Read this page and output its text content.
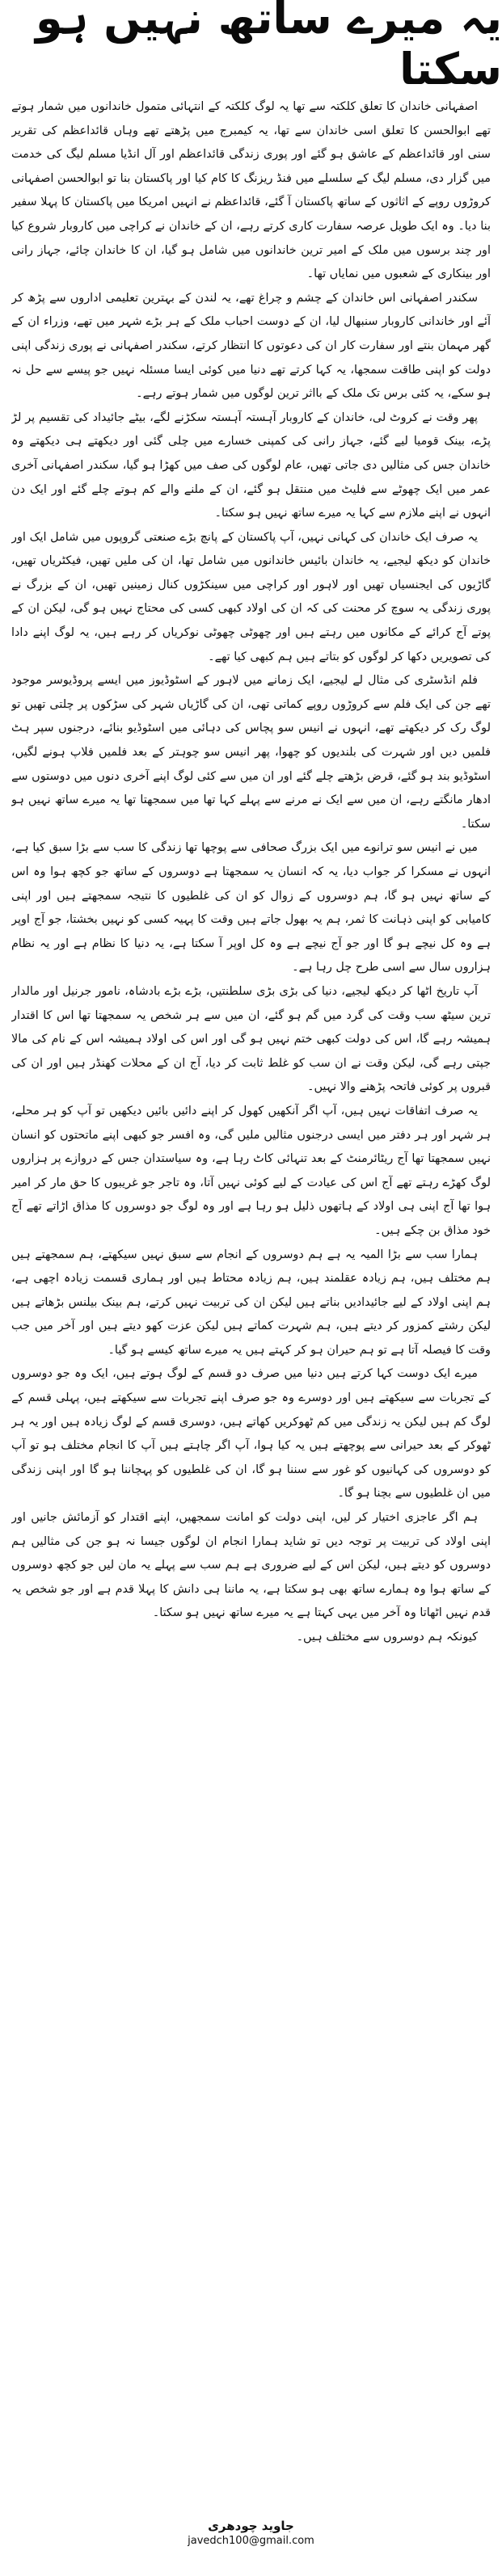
یہ میرے ساتھ نہیں ہو سکتا

اصفہانی خاندان کا تعلق کلکتہ سے تھا یہ لوگ کلکتہ کے انتہائی متمول خاندانوں میں شمار ہوتے تھے ابوالحسن کا تعلق اسی خاندان سے تھا، یہ کیمبرج میں پڑھتے تھے وہاں قائداعظم کی تقریر سنی اور قائداعظم کے عاشق ہو گئے اور پوری زندگی قائداعظم اور آل انڈیا مسلم لیگ کی خدمت میں گزار دی، مسلم لیگ کے سلسلے میں فنڈ ریزنگ کا کام کیا اور پاکستان بنا تو ابوالحسن اصفہانی کروڑوں روپے کے اثاثوں کے ساتھ پاکستان آ گئے، قائداعظم نے انہیں امریکا میں پاکستان کا پہلا سفیر بنا دیا۔ وہ ایک طویل عرصہ سفارت کاری کرتے رہے، ان کے خاندان نے کراچی میں کاروبار شروع کیا اور چند برسوں میں ملک کے امیر ترین خاندانوں میں شامل ہو گیا، ان کا خاندان چائے، جہاز رانی اور بینکاری کے شعبوں میں نمایاں تھا۔

سکندر اصفہانی اس خاندان کے چشم و چراغ تھے، یہ لندن کے بہترین تعلیمی اداروں سے پڑھ کر آئے اور خاندانی کاروبار سنبھال لیا، ان کے دوست احباب ملک کے ہر بڑے شہر میں تھے، وزراء ان کے گھر مہمان بنتے اور سفارت کار ان کی دعوتوں کا انتظار کرتے، سکندر اصفہانی نے پوری زندگی اپنی دولت کو اپنی طاقت سمجھا، یہ کہا کرتے تھے دنیا میں کوئی ایسا مسئلہ نہیں جو پیسے سے حل نہ ہو سکے، یہ کئی برس تک ملک کے بااثر ترین لوگوں میں شمار ہوتے رہے۔

پھر وقت نے کروٹ لی، خاندان کے کاروبار آہستہ آہستہ سکڑنے لگے، بیٹے جائیداد کی تقسیم پر لڑ پڑے، بینک قومیا لیے گئے، جہاز رانی کی کمپنی خسارے میں چلی گئی اور دیکھتے ہی دیکھتے وہ خاندان جس کی مثالیں دی جاتی تھیں، عام لوگوں کی صف میں کھڑا ہو گیا، سکندر اصفہانی آخری عمر میں ایک چھوٹے سے فلیٹ میں منتقل ہو گئے، ان کے ملنے والے کم ہوتے چلے گئے اور ایک دن انہوں نے اپنے ملازم سے کہا یہ میرے ساتھ نہیں ہو سکتا۔

یہ صرف ایک خاندان کی کہانی نہیں، آپ پاکستان کے پانچ بڑے صنعتی گروپوں میں شامل ایک اور خاندان کو دیکھ لیجیے، یہ خاندان بائیس خاندانوں میں شامل تھا، ان کی ملیں تھیں، فیکٹریاں تھیں، گاڑیوں کی ایجنسیاں تھیں اور لاہور اور کراچی میں سینکڑوں کنال زمینیں تھیں، ان کے بزرگ نے پوری زندگی یہ سوچ کر محنت کی کہ ان کی اولاد کبھی کسی کی محتاج نہیں ہو گی، لیکن ان کے پوتے آج کرائے کے مکانوں میں رہتے ہیں اور چھوٹی چھوٹی نوکریاں کر رہے ہیں، یہ لوگ اپنے دادا کی تصویریں دکھا کر لوگوں کو بتاتے ہیں ہم کبھی کیا تھے۔

فلم انڈسٹری کی مثال لے لیجیے، ایک زمانے میں لاہور کے اسٹوڈیوز میں ایسے پروڈیوسر موجود تھے جن کی ایک فلم سے کروڑوں روپے کماتی تھی، ان کی گاڑیاں شہر کی سڑکوں پر چلتی تھیں تو لوگ رک کر دیکھتے تھے، انہوں نے انیس سو پچاس کی دہائی میں اسٹوڈیو بنائے، درجنوں سپر ہٹ فلمیں دیں اور شہرت کی بلندیوں کو چھوا، پھر انیس سو چوہتر کے بعد فلمیں فلاپ ہونے لگیں، اسٹوڈیو بند ہو گئے، قرض بڑھتے چلے گئے اور ان میں سے کئی لوگ اپنے آخری دنوں میں دوستوں سے ادھار مانگتے رہے، ان میں سے ایک نے مرنے سے پہلے کہا تھا میں سمجھتا تھا یہ میرے ساتھ نہیں ہو سکتا۔

میں نے انیس سو ترانوے میں ایک بزرگ صحافی سے پوچھا تھا زندگی کا سب سے بڑا سبق کیا ہے، انہوں نے مسکرا کر جواب دیا، یہ کہ انسان یہ سمجھتا ہے دوسروں کے ساتھ جو کچھ ہوا وہ اس کے ساتھ نہیں ہو گا، ہم دوسروں کے زوال کو ان کی غلطیوں کا نتیجہ سمجھتے ہیں اور اپنی کامیابی کو اپنی ذہانت کا ثمر، ہم یہ بھول جاتے ہیں وقت کا پہیہ کسی کو نہیں بخشتا، جو آج اوپر ہے وہ کل نیچے ہو گا اور جو آج نیچے ہے وہ کل اوپر آ سکتا ہے، یہ دنیا کا نظام ہے اور یہ نظام ہزاروں سال سے اسی طرح چل رہا ہے۔

آپ تاریخ اٹھا کر دیکھ لیجیے، دنیا کی بڑی بڑی سلطنتیں، بڑے بڑے بادشاہ، نامور جرنیل اور مالدار ترین سیٹھ سب وقت کی گرد میں گم ہو گئے، ان میں سے ہر شخص یہ سمجھتا تھا اس کا اقتدار ہمیشہ رہے گا، اس کی دولت کبھی ختم نہیں ہو گی اور اس کی اولاد ہمیشہ اس کے نام کی مالا جپتی رہے گی، لیکن وقت نے ان سب کو غلط ثابت کر دیا، آج ان کے محلات کھنڈر ہیں اور ان کی قبروں پر کوئی فاتحہ پڑھنے والا نہیں۔

یہ صرف اتفاقات نہیں ہیں، آپ اگر آنکھیں کھول کر اپنے دائیں بائیں دیکھیں تو آپ کو ہر محلے، ہر شہر اور ہر دفتر میں ایسی درجنوں مثالیں ملیں گی، وہ افسر جو کبھی اپنے ماتحتوں کو انسان نہیں سمجھتا تھا آج ریٹائرمنٹ کے بعد تنہائی کاٹ رہا ہے، وہ سیاستدان جس کے دروازے پر ہزاروں لوگ کھڑے رہتے تھے آج اس کی عیادت کے لیے کوئی نہیں آتا، وہ تاجر جو غریبوں کا حق مار کر امیر ہوا تھا آج اپنی ہی اولاد کے ہاتھوں ذلیل ہو رہا ہے اور وہ لوگ جو دوسروں کا مذاق اڑاتے تھے آج خود مذاق بن چکے ہیں۔

ہمارا سب سے بڑا المیہ یہ ہے ہم دوسروں کے انجام سے سبق نہیں سیکھتے، ہم سمجھتے ہیں ہم مختلف ہیں، ہم زیادہ عقلمند ہیں، ہم زیادہ محتاط ہیں اور ہماری قسمت زیادہ اچھی ہے، ہم اپنی اولاد کے لیے جائیدادیں بناتے ہیں لیکن ان کی تربیت نہیں کرتے، ہم بینک بیلنس بڑھاتے ہیں لیکن رشتے کمزور کر دیتے ہیں، ہم شہرت کماتے ہیں لیکن عزت کھو دیتے ہیں اور آخر میں جب وقت کا فیصلہ آتا ہے تو ہم حیران ہو کر کہتے ہیں یہ میرے ساتھ کیسے ہو گیا۔

میرے ایک دوست کہا کرتے ہیں دنیا میں صرف دو قسم کے لوگ ہوتے ہیں، ایک وہ جو دوسروں کے تجربات سے سیکھتے ہیں اور دوسرے وہ جو صرف اپنے تجربات سے سیکھتے ہیں، پہلی قسم کے لوگ کم ہیں لیکن یہ زندگی میں کم ٹھوکریں کھاتے ہیں، دوسری قسم کے لوگ زیادہ ہیں اور یہ ہر ٹھوکر کے بعد حیرانی سے پوچھتے ہیں یہ کیا ہوا، آپ اگر چاہتے ہیں آپ کا انجام مختلف ہو تو آپ کو دوسروں کی کہانیوں کو غور سے سننا ہو گا، ان کی غلطیوں کو پہچاننا ہو گا اور اپنی زندگی میں ان غلطیوں سے بچنا ہو گا۔

ہم اگر عاجزی اختیار کر لیں، اپنی دولت کو امانت سمجھیں، اپنے اقتدار کو آزمائش جانیں اور اپنی اولاد کی تربیت پر توجہ دیں تو شاید ہمارا انجام ان لوگوں جیسا نہ ہو جن کی مثالیں ہم دوسروں کو دیتے ہیں، لیکن اس کے لیے ضروری ہے ہم سب سے پہلے یہ مان لیں جو کچھ دوسروں کے ساتھ ہوا وہ ہمارے ساتھ بھی ہو سکتا ہے، یہ ماننا ہی دانش کا پہلا قدم ہے اور جو شخص یہ قدم نہیں اٹھاتا وہ آخر میں یہی کہتا ہے یہ میرے ساتھ نہیں ہو سکتا۔

کیونکہ ہم دوسروں سے مختلف ہیں۔

جاوید چودھری
javedch100@gmail.com
